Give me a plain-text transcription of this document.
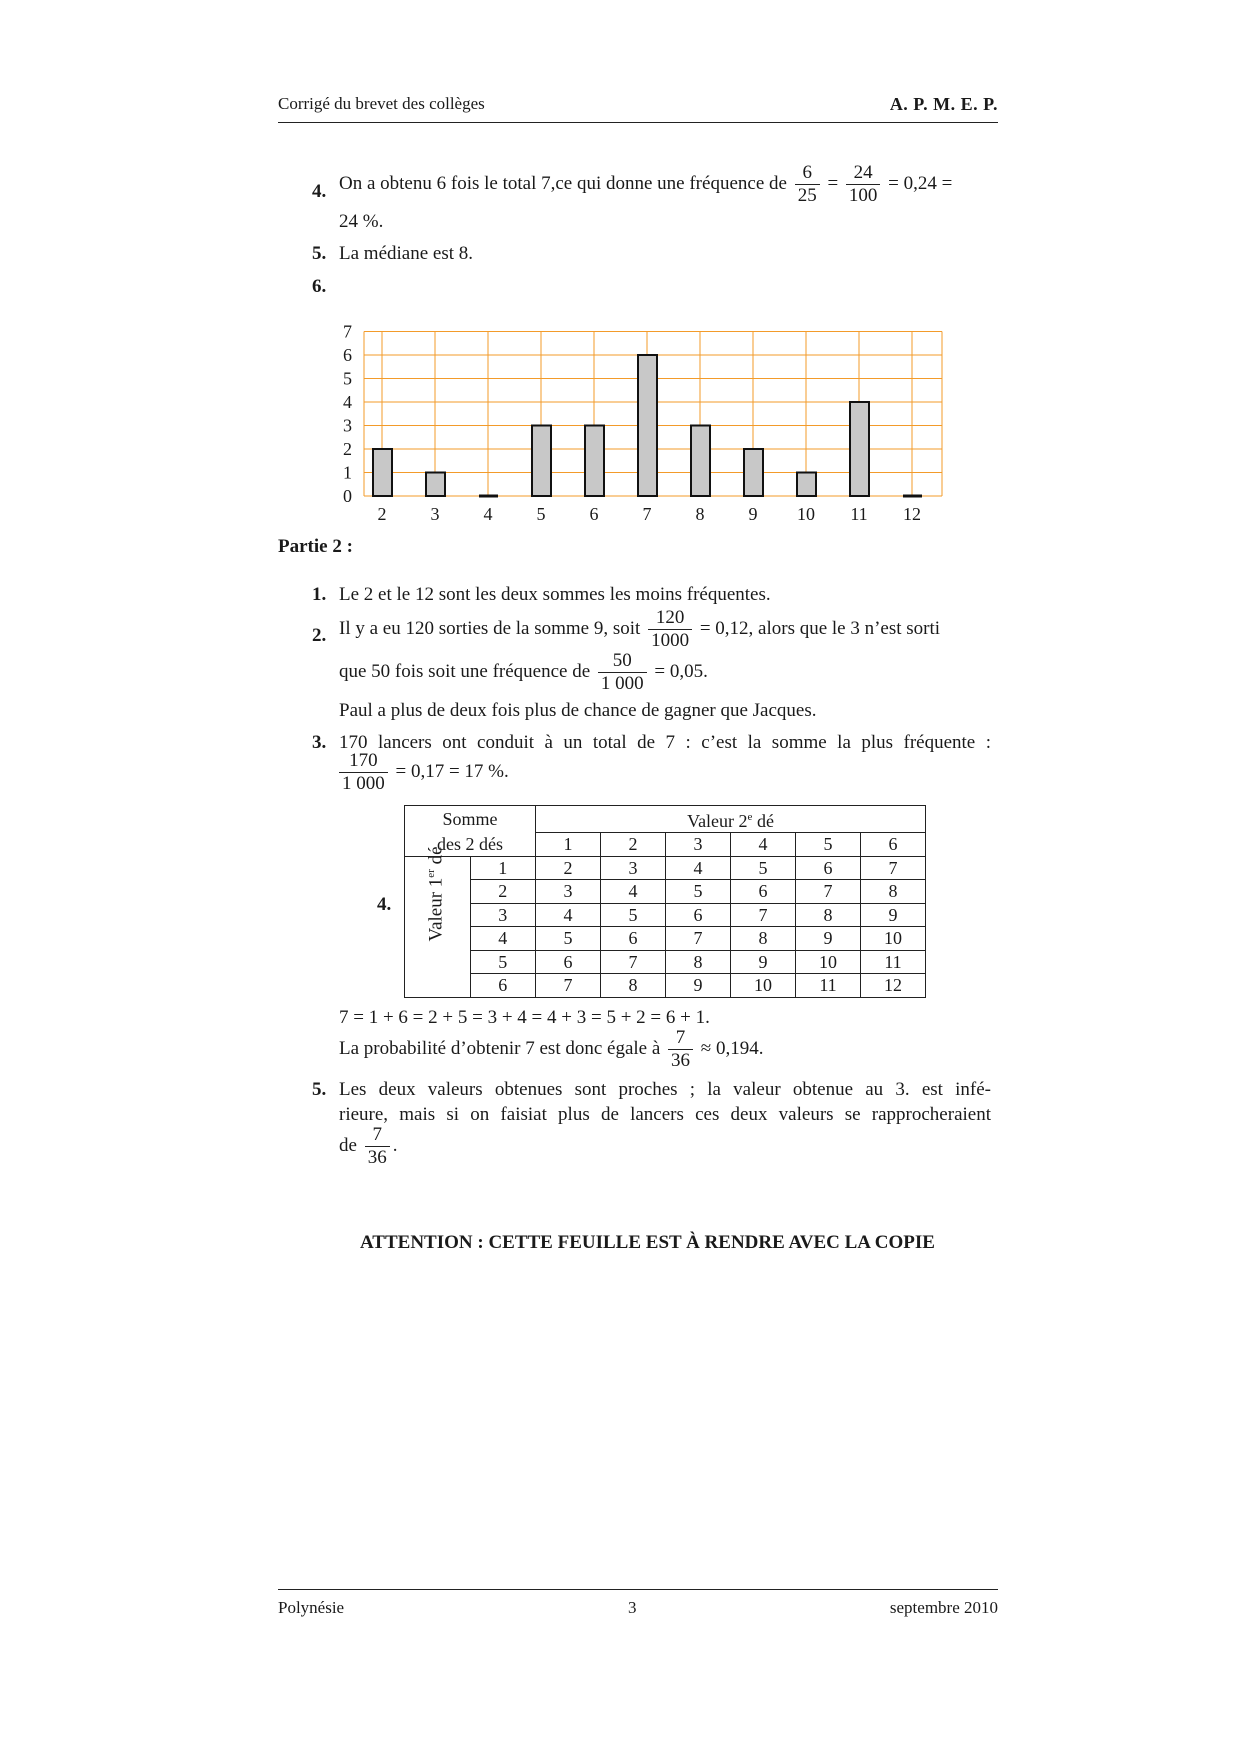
Corrigé du brevet des collèges	A. P. M. E. P.
4. On a obtenu 6 fois le total 7,ce qui donne une fréquence de $\frac{6}{25} = \frac{24}{100} = 0,24$ =
24 %.
5. La médiane est 8.
6.
0
1
2
3
4
5
6
7
2 3 4 5 6 7 8 9 10 11 12
Partie 2 :
1. Le 2 et le 12 sont les deux sommes les moins fréquentes.
2. Il y a eu 120 sorties de la somme 9, soit $\frac{120}{1000} = 0,12$, alors que le 3 n’est sorti
que 50 fois soit une fréquence de $\frac{50}{1 000} = 0,05$.
Paul a plus de deux fois plus de chance de gagner que Jacques.
3. 170 lancers ont conduit à un total de 7 : c’est la somme la plus fréquente :
$\frac{170}{1 000} = 0,17 = 17$ %.
4.
Somme		Valeur 2e dé					
des 2 dés		1	2	3	4	5	6
	1	2	3	4	5	6	7
	2	3	4	5	6	7	8
	3	4	5	6	7	8	9
	4	5	6	7	8	9	10
	5	6	7	8	9	10	11
	6	7	8	9	10	11	12
Valeur 1er dé
7 = 1 + 6 = 2 + 5 = 3 + 4 = 4 + 3 = 5 + 2 = 6 + 1.
La probabilité d’obtenir 7 est donc égale à $\frac{7}{36} \approx 0,194$.
5. Les deux valeurs obtenues sont proches ; la valeur obtenue au 3. est infé-
rieure, mais si on faisiat plus de lancers ces deux valeurs se rapprocheraient
de $\frac{7}{36}$ .
ATTENTION : CETTE FEUILLE EST À RENDRE AVEC LA COPIE
Polynésie	3	septembre 2010
